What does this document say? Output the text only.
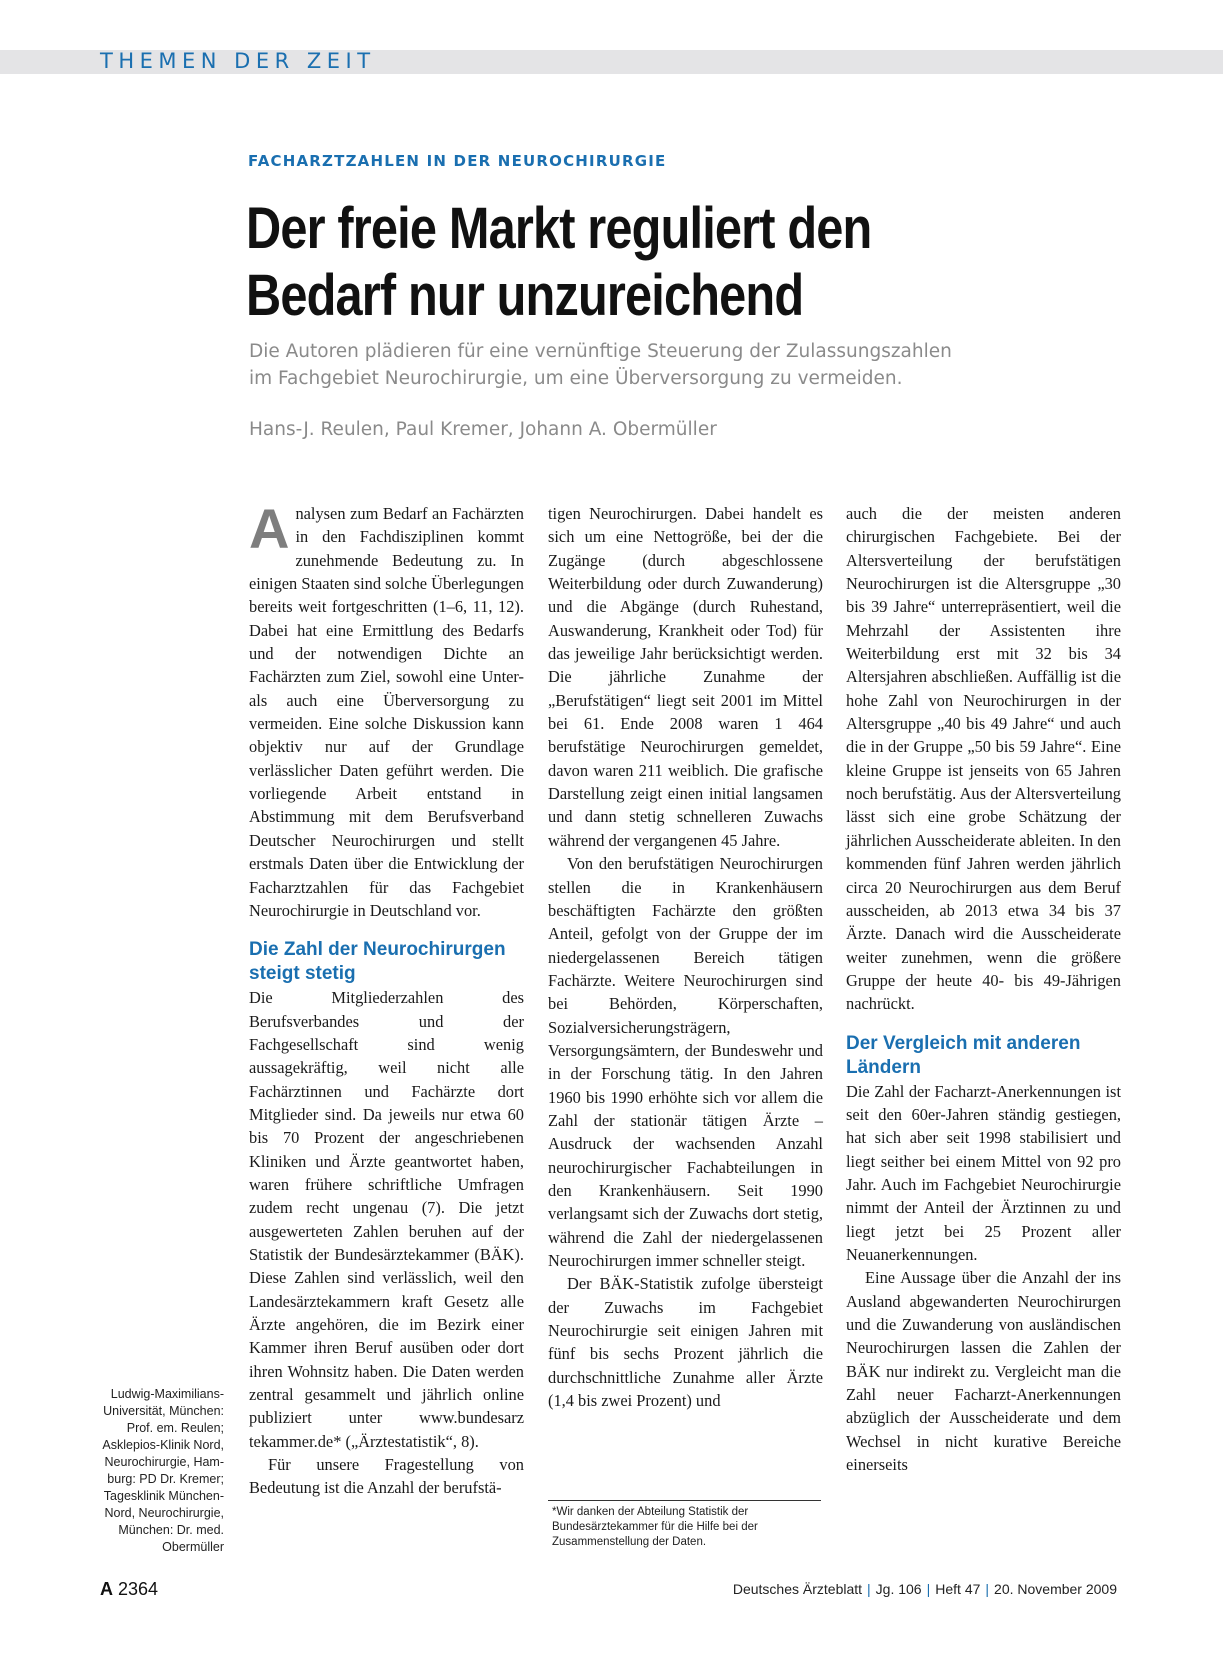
THEMEN DER ZEIT
FACHARZTZAHLEN IN DER NEUROCHIRURGIE
Der freie Markt reguliert den
Bedarf nur unzureichend
Die Autoren plädieren für eine vernünftige Steuerung der Zulassungszahlen
im Fachgebiet Neurochirurgie, um eine Überversorgung zu vermeiden.
Hans-J. Reulen, Paul Kremer, Johann A. Obermüller

Analysen zum Bedarf an Fachärzten in den Fachdisziplinen kommt zunehmende Bedeutung zu. In einigen Staaten sind solche Überlegungen bereits weit fortgeschritten (1–6, 11, 12). Dabei hat eine Ermittlung des Bedarfs und der notwendigen Dichte an Fachärzten zum Ziel, sowohl eine Unter- als auch eine Überversorgung zu vermeiden. Eine solche Diskussion kann objektiv nur auf der Grundlage verlässlicher Daten geführt werden. Die vorliegende Arbeit entstand in Abstimmung mit dem Berufsverband Deutscher Neurochirurgen und stellt erstmals Daten über die Entwicklung der Facharztzahlen für das Fachgebiet Neurochirurgie in Deutschland vor.

Die Zahl der Neurochirurgen steigt stetig

Die Mitgliederzahlen des Berufsverbandes und der Fachgesellschaft sind wenig aussagekräftig, weil nicht alle Fachärztinnen und Fachärzte dort Mitglieder sind. Da jeweils nur etwa 60 bis 70 Prozent der angeschriebenen Kliniken und Ärzte geantwortet haben, waren frühere schriftliche Umfragen zudem recht ungenau (7). Die jetzt ausgewerteten Zahlen beruhen auf der Statistik der Bundesärztekammer (BÄK). Diese Zahlen sind verlässlich, weil den Landesärztekammern kraft Gesetz alle Ärzte angehören, die im Bezirk einer Kammer ihren Beruf ausüben oder dort ihren Wohnsitz haben. Die Daten werden zentral gesammelt und jährlich online publiziert unter www.bundesarz tekammer.de* („Ärztestatistik“, 8).

Für unsere Fragestellung von Bedeutung ist die Anzahl der berufstä-

tigen Neurochirurgen. Dabei handelt es sich um eine Nettogröße, bei der die Zugänge (durch abgeschlossene Weiterbildung oder durch Zuwanderung) und die Abgänge (durch Ruhestand, Auswanderung, Krankheit oder Tod) für das jeweilige Jahr berücksichtigt werden. Die jährliche Zunahme der „Berufstätigen“ liegt seit 2001 im Mittel bei 61. Ende 2008 waren 1 464 berufstätige Neurochirurgen gemeldet, davon waren 211 weiblich. Die grafische Darstellung zeigt einen initial langsamen und dann stetig schnelleren Zuwachs während der vergangenen 45 Jahre.

Von den berufstätigen Neurochirurgen stellen die in Krankenhäusern beschäftigten Fachärzte den größten Anteil, gefolgt von der Gruppe der im niedergelassenen Bereich tätigen Fachärzte. Weitere Neurochirurgen sind bei Behörden, Körperschaften, Sozialversicherungsträgern, Versorgungsämtern, der Bundeswehr und in der Forschung tätig. In den Jahren 1960 bis 1990 erhöhte sich vor allem die Zahl der stationär tätigen Ärzte – Ausdruck der wachsenden Anzahl neurochirurgischer Fachabteilungen in den Krankenhäusern. Seit 1990 verlangsamt sich der Zuwachs dort stetig, während die Zahl der niedergelassenen Neurochirurgen immer schneller steigt.

Der BÄK-Statistik zufolge übersteigt der Zuwachs im Fachgebiet Neurochirurgie seit einigen Jahren mit fünf bis sechs Prozent jährlich die durchschnittliche Zunahme aller Ärzte (1,4 bis zwei Prozent) und

*Wir danken der Abteilung Statistik der
Bundesärztekammer für die Hilfe bei der
Zusammenstellung der Daten.

auch die der meisten anderen chirurgischen Fachgebiete. Bei der Altersverteilung der berufstätigen Neurochirurgen ist die Altersgruppe „30 bis 39 Jahre“ unterrepräsentiert, weil die Mehrzahl der Assistenten ihre Weiterbildung erst mit 32 bis 34 Altersjahren abschließen. Auffällig ist die hohe Zahl von Neurochirurgen in der Altersgruppe „40 bis 49 Jahre“ und auch die in der Gruppe „50 bis 59 Jahre“. Eine kleine Gruppe ist jenseits von 65 Jahren noch berufstätig. Aus der Altersverteilung lässt sich eine grobe Schätzung der jährlichen Ausscheiderate ableiten. In den kommenden fünf Jahren werden jährlich circa 20 Neurochirurgen aus dem Beruf ausscheiden, ab 2013 etwa 34 bis 37 Ärzte. Danach wird die Ausscheiderate weiter zunehmen, wenn die größere Gruppe der heute 40- bis 49-Jährigen nachrückt.

Der Vergleich mit anderen Ländern

Die Zahl der Facharzt-Anerkennungen ist seit den 60er-Jahren ständig gestiegen, hat sich aber seit 1998 stabilisiert und liegt seither bei einem Mittel von 92 pro Jahr. Auch im Fachgebiet Neurochirurgie nimmt der Anteil der Ärztinnen zu und liegt jetzt bei 25 Prozent aller Neuanerkennungen.

Eine Aussage über die Anzahl der ins Ausland abgewanderten Neurochirurgen und die Zuwanderung von ausländischen Neurochirurgen lassen die Zahlen der BÄK nur indirekt zu. Vergleicht man die Zahl neuer Facharzt-Anerkennungen abzüglich der Ausscheiderate und dem Wechsel in nicht kurative Bereiche einerseits

Ludwig-Maximilians-
Universität, München:
Prof. em. Reulen;
Asklepios-Klinik Nord,
Neurochirurgie, Ham-
burg: PD Dr. Kremer;
Tagesklinik München-
Nord, Neurochirurgie,
München: Dr. med.
Obermüller
A 2364	Deutsches Ärzteblatt | Jg. 106 | Heft 47 | 20. November 2009
